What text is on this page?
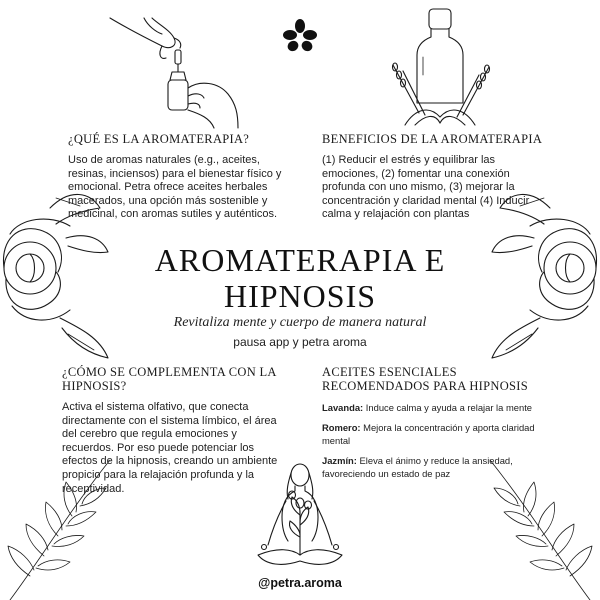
¿QUÉ ES LA AROMATERAPIA?
Uso de aromas naturales (e.g., aceites, resinas, inciensos) para el bienestar físico y emocional. Petra ofrece aceites herbales macerados, una opción más sostenible y medicinal, con aromas sutiles y auténticos.
BENEFICIOS DE LA AROMATERAPIA
(1) Reducir el estrés y equilibrar las emociones, (2) fomentar una conexión profunda con uno mismo, (3) mejorar la concentración y claridad mental (4) Inducir calma y relajación con plantas
AROMATERAPIA E
HIPNOSIS
Revitaliza mente y cuerpo de manera natural
pausa app y petra aroma
¿CÓMO SE COMPLEMENTA CON LA HIPNOSIS?
Activa el sistema olfativo, que conecta directamente con el sistema límbico, el área del cerebro que regula emociones y recuerdos. Por eso puede potenciar los efectos de la hipnosis, creando un ambiente propicio para la relajación profunda y la receptividad.
ACEITES ESENCIALES RECOMENDADOS PARA HIPNOSIS
Lavanda: Induce calma y ayuda a relajar la mente
Romero: Mejora la concentración y aporta claridad mental
Jazmín: Eleva el ánimo y reduce la ansiedad, favoreciendo un estado de paz
@petra.aroma
